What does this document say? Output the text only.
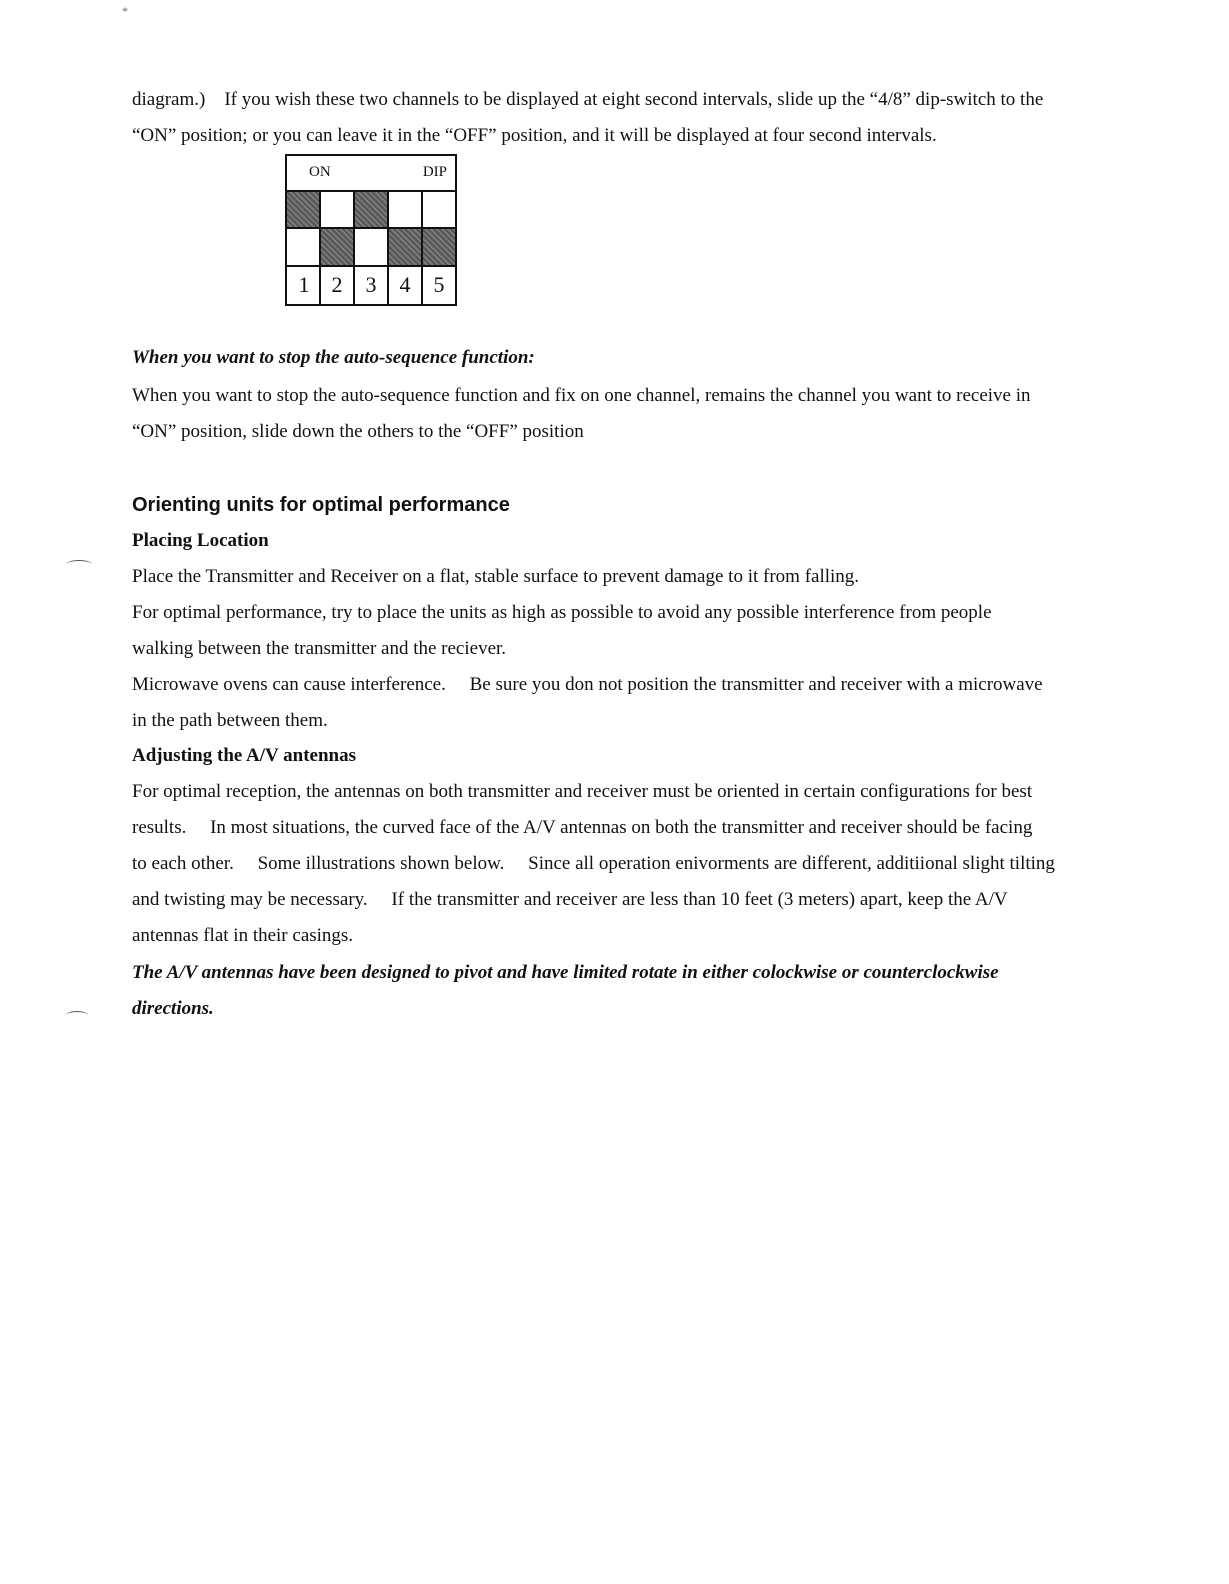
*

diagram.) If you wish these two channels to be displayed at eight second intervals, slide up the “4/8” dip-switch to the
“ON” position; or you can leave it in the “OFF” position, and it will be displayed at four second intervals.

ON	DIP
1	2	3	4	5

When you want to stop the auto-sequence function:

When you want to stop the auto-sequence function and fix on one channel, remains the channel you want to receive in
“ON” position, slide down the others to the “OFF” position

Orienting units for optimal performance

Placing Location

Place the Transmitter and Receiver on a flat, stable surface to prevent damage to it from falling.
For optimal performance, try to place the units as high as possible to avoid any possible interference from people
walking between the transmitter and the reciever.
Microwave ovens can cause interference.  Be sure you don not position the transmitter and receiver with a microwave
in the path between them.

Adjusting the A/V antennas

For optimal reception, the antennas on both transmitter and receiver must be oriented in certain configurations for best
results.  In most situations, the curved face of the A/V antennas on both the transmitter and receiver should be facing
to each other.  Some illustrations shown below.  Since all operation enivorments are different, additiional slight tilting
and twisting may be necessary.  If the transmitter and receiver are less than 10 feet (3 meters) apart, keep the A/V
antennas flat in their casings.

The A/V antennas have been designed to pivot and have limited rotate in either colockwise or counterclockwise
directions.
